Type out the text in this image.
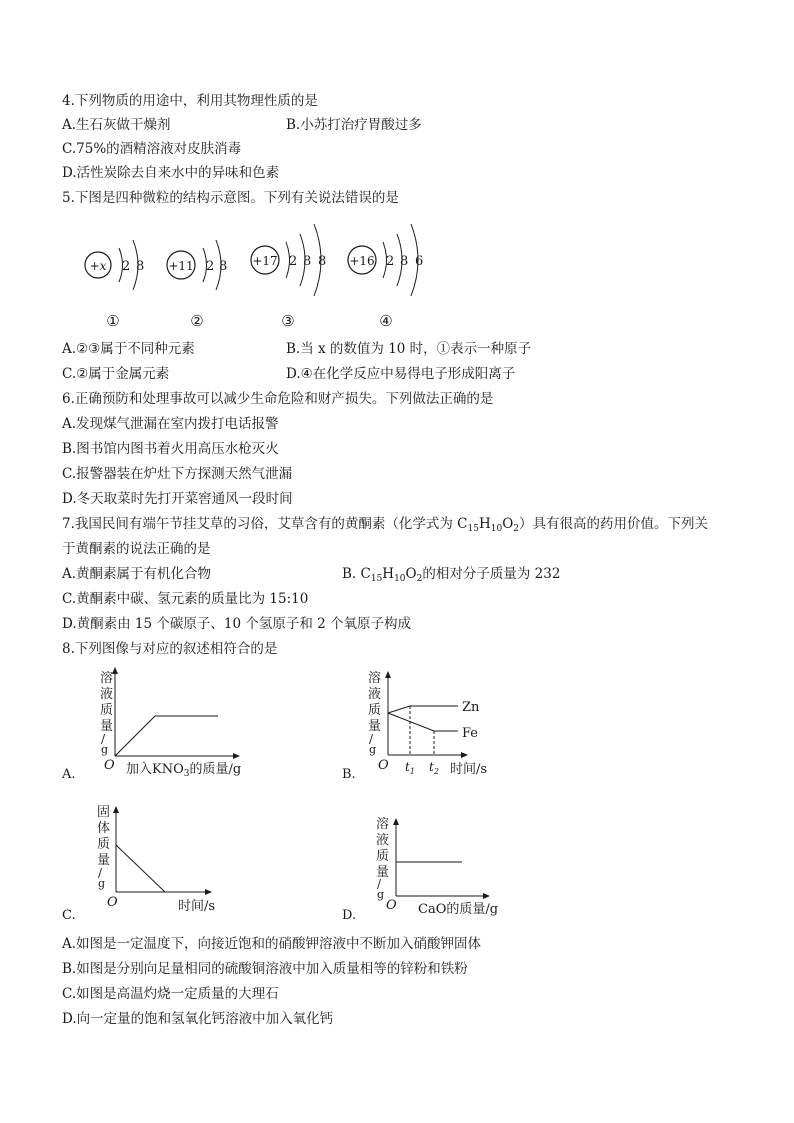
4.下列物质的用途中，利用其物理性质的是
A.生石灰做干燥剂	B.小苏打治疗胃酸过多
C.75%的酒精溶液对皮肤消毒
D.活性炭除去自来水中的异味和色素
5.下图是四种微粒的结构示意图。下列有关说法错误的是
+x 2 8
①
+11 2 8
②
+17 2 8 8
③
+16 2 8 6
④
A.②③属于不同种元素	B.当 x 的数值为 10 时，①表示一种原子
C.②属于金属元素	D.④在化学反应中易得电子形成阳离子
6.正确预防和处理事故可以减少生命危险和财产损失。下列做法正确的是
A.发现煤气泄漏在室内拨打电话报警
B.图书馆内图书着火用高压水枪灭火
C.报警器装在炉灶下方探测天然气泄漏
D.冬天取菜时先打开菜窖通风一段时间
7.我国民间有端午节挂艾草的习俗，艾草含有的黄酮素（化学式为 $C_{15}H_{10}O_2$）具有很高的药用价值。下列关
于黄酮素的说法正确的是
A.黄酮素属于有机化合物	B. $C_{15}H_{10}O_2$的相对分子质量为 232
C.黄酮素中碳、氢元素的质量比为 15:10
D.黄酮素由 15 个碳原子、10 个氢原子和 2 个氧原子构成
8.下列图像与对应的叙述相符合的是
溶
液
质
量
/
g
O 加入$KNO_3$的质量/g
A.
溶
液
质
量
/
g
Zn
Fe
O $t_1$ $t_2$ 时间/s
B.
固
体
质
量
/
g
O	时间/s
C.
溶
液
质
量
/
g
O CaO的质量/g
D.
A.如图是一定温度下，向接近饱和的硝酸钾溶液中不断加入硝酸钾固体
B.如图是分别向足量相同的硫酸铜溶液中加入质量相等的锌粉和铁粉
C.如图是高温灼烧一定质量的大理石
D.向一定量的饱和氢氧化钙溶液中加入氧化钙
